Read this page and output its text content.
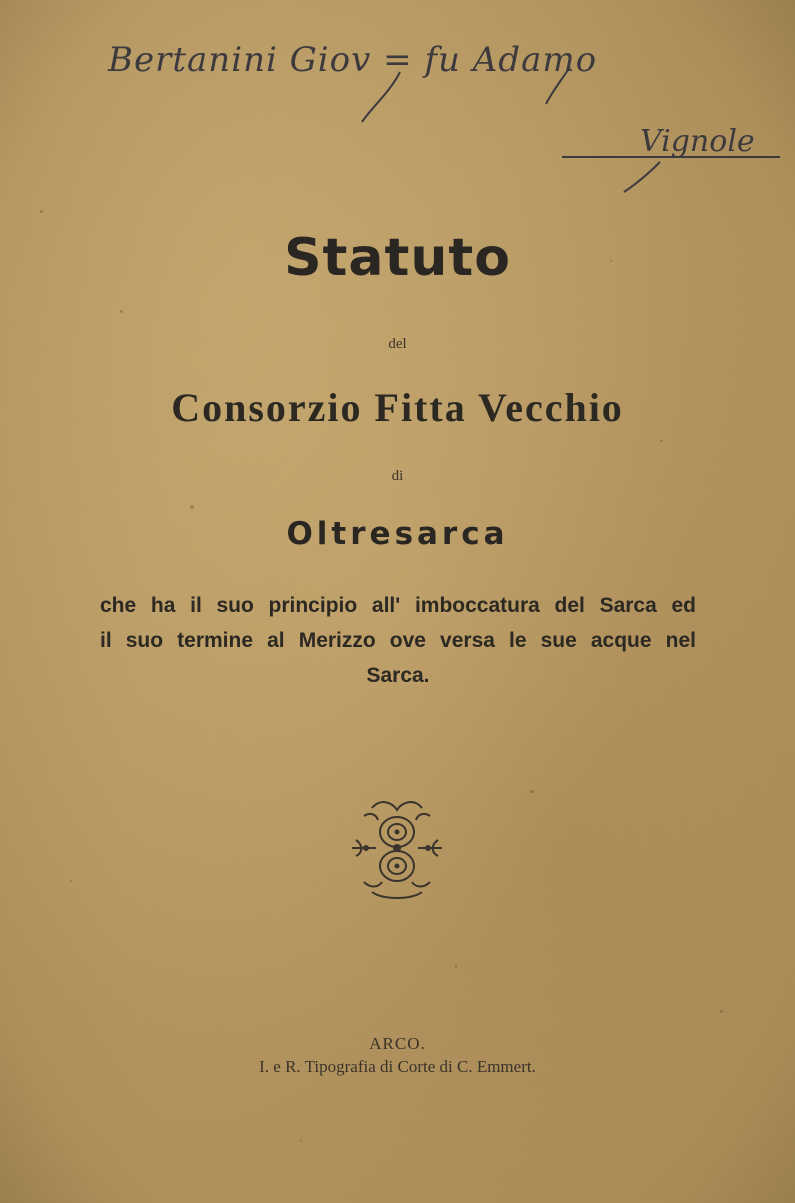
Bertanini Giov = fu Adamo
Vignole
Statuto
del
Consorzio Fitta Vecchio
di
Oltresarca
che ha il suo principio all' imboccatura del Sarca ed
il suo termine al Merizzo ove versa le sue acque nel
Sarca.
ARCO.
I. e R. Tipografia di Corte di C. Emmert.
